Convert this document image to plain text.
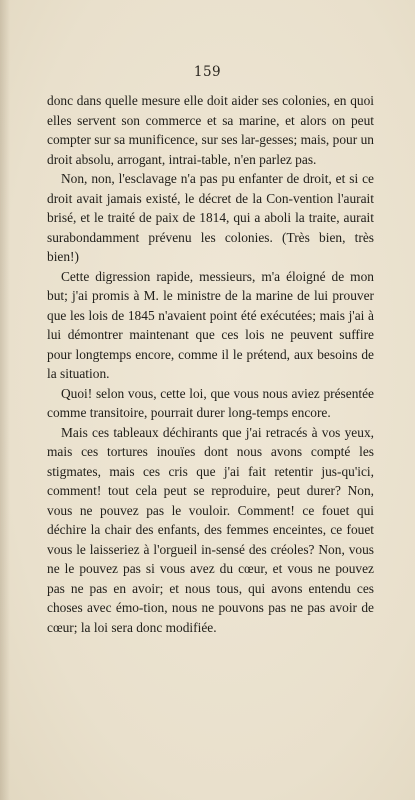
159

donc dans quelle mesure elle doit aider ses colonies, en quoi elles servent son commerce et sa marine, et alors on peut compter sur sa munificence, sur ses lar-gesses; mais, pour un droit absolu, arrogant, intrai-table, n'en parlez pas.

Non, non, l'esclavage n'a pas pu enfanter de droit, et si ce droit avait jamais existé, le décret de la Con-vention l'aurait brisé, et le traité de paix de 1814, qui a aboli la traite, aurait surabondamment prévenu les colonies. (Très bien, très bien!)

Cette digression rapide, messieurs, m'a éloigné de mon but; j'ai promis à M. le ministre de la marine de lui prouver que les lois de 1845 n'avaient point été exécutées; mais j'ai à lui démontrer maintenant que ces lois ne peuvent suffire pour longtemps encore, comme il le prétend, aux besoins de la situation.

Quoi! selon vous, cette loi, que vous nous aviez présentée comme transitoire, pourrait durer long-temps encore.

Mais ces tableaux déchirants que j'ai retracés à vos yeux, mais ces tortures inouïes dont nous avons compté les stigmates, mais ces cris que j'ai fait retentir jus-qu'ici, comment! tout cela peut se reproduire, peut durer? Non, vous ne pouvez pas le vouloir. Comment! ce fouet qui déchire la chair des enfants, des femmes enceintes, ce fouet vous le laisseriez à l'orgueil in-sensé des créoles? Non, vous ne le pouvez pas si vous avez du cœur, et vous ne pouvez pas ne pas en avoir; et nous tous, qui avons entendu ces choses avec émo-tion, nous ne pouvons pas ne pas avoir de cœur; la loi sera donc modifiée.
